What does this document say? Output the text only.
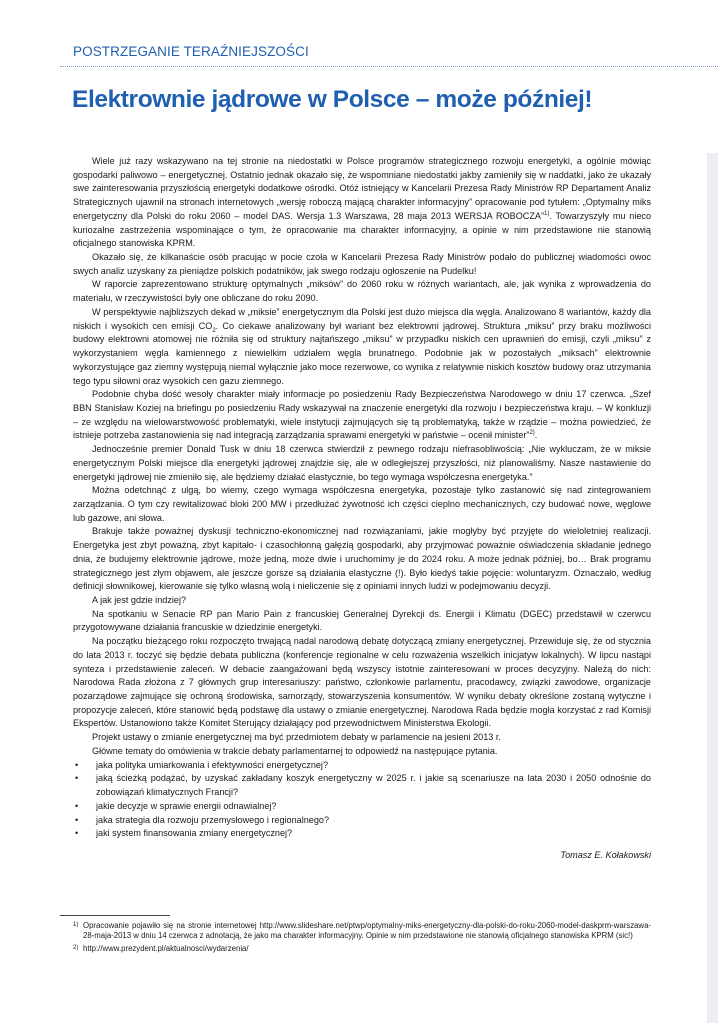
POSTRZEGANIE TERAŹNIEJSZOŚCI
Elektrownie jądrowe w Polsce – może później!

Wiele już razy wskazywano na tej stronie na niedostatki w Polsce programów strategicznego rozwoju energetyki, a ogólnie mówiąc gospodarki paliwowo – energetycznej. Ostatnio jednak okazało się, że wspomniane niedostatki jakby zamieniły się w naddatki, jako że ukazały swe zainteresowania przyszłością energetyki dodatkowe ośrodki. Otóż istniejący w Kancelarii Prezesa Rady Ministrów RP Departament Analiz Strategicznych ujawnił na stronach internetowych „wersję roboczą mającą charakter informacyjny” opracowanie pod tytułem: „Optymalny miks energetyczny dla Polski do roku 2060 – model DAS. Wersja 1.3 Warszawa, 28 maja 2013 WERSJA ROBOCZA”$^{1)}$. Towarzyszyły mu nieco kuriozalne zastrzeżenia wspominające o tym, że opracowanie ma charakter informacyjny, a opinie w nim przedstawione nie stanowią oficjalnego stanowiska KPRM.

Okazało się, że kilkanaście osób pracując w pocie czoła w Kancelarii Prezesa Rady Ministrów podało do publicznej wiadomości owoc swych analiz uzyskany za pieniądze polskich podatników, jak swego rodzaju ogłoszenie na Pudelku!

W raporcie zaprezentowano strukturę optymalnych „miksów” do 2060 roku w różnych wariantach, ale, jak wynika z wprowadzenia do materiału, w rzeczywistości były one obliczane do roku 2090.

W perspektywie najbliższych dekad w „miksie” energetycznym dla Polski jest dużo miejsca dla węgla. Analizowano 8 wariantów, każdy dla niskich i wysokich cen emisji $CO_2$. Co ciekawe analizowany był wariant bez elektrowni jądrowej. Struktura „miksu” przy braku możliwości budowy elektrowni atomowej nie różniła się od struktury najtańszego „miksu” w przypadku niskich cen uprawnień do emisji, czyli „miksu” z wykorzystaniem węgla kamiennego z niewielkim udziałem węgla brunatnego. Podobnie jak w pozostałych „miksach” elektrownie wykorzystujące gaz ziemny występują niemal wyłącznie jako moce rezerwowe, co wynika z relatywnie niskich kosztów budowy oraz utrzymania tego typu siłowni oraz wysokich cen gazu ziemnego.

Podobnie chyba dość wesoły charakter miały informacje po posiedzeniu Rady Bezpieczeństwa Narodowego w dniu 17 czerwca. „Szef BBN Stanisław Koziej na briefingu po posiedzeniu Rady wskazywał na znaczenie energetyki dla rozwoju i bezpieczeństwa kraju. – W konkluzji – ze względu na wielowarstwowość problematyki, wiele instytucji zajmujących się tą problematyką, także w rządzie – można powiedzieć, że istnieje potrzeba zastanowienia się nad integracją zarządzania sprawami energetyki w państwie – ocenił minister”$^{2)}$.

Jednocześnie premier Donald Tusk w dniu 18 czerwca stwierdził z pewnego rodzaju niefrasobliwością: „Nie wykluczam, że w miksie energetycznym Polski miejsce dla energetyki jądrowej znajdzie się, ale w odległejszej przyszłości, niż planowaliśmy. Nasze nastawienie do energetyki jądrowej nie zmieniło się, ale będziemy działać elastycznie, bo tego wymaga współczesna energetyka.”

Można odetchnąć z ulgą, bo wiemy, czego wymaga współczesna energetyka, pozostaje tylko zastanowić się nad zintegrowaniem zarządzania. O tym czy rewitalizować bloki 200 MW i przedłużać żywotność ich części cieplno mechanicznych, czy budować nowe, węglowe lub gazowe, ani słowa.

Brakuje także poważnej dyskusji techniczno-ekonomicznej nad rozwiązaniami, jakie mogłyby być przyjęte do wieloletniej realizacji. Energetyka jest zbyt poważną, zbyt kapitało- i czasochłonną gałęzią gospodarki, aby przyjmować poważnie oświadczenia składanie jednego dnia, że budujemy elektrownie jądrowe, może jedną, może dwie i uruchomimy je do 2024 roku. A może jednak później, bo… Brak programu strategicznego jest złym objawem, ale jeszcze gorsze są działania elastyczne (!). Było kiedyś takie pojęcie: woluntaryzm. Oznaczało, według definicji słownikowej, kierowanie się tylko własną wolą i nieliczenie się z opiniami innych ludzi w podejmowaniu decyzji.

A jak jest gdzie indziej?

Na spotkaniu w Senacie RP pan Mario Pain z francuskiej Generalnej Dyrekcji ds. Energii i Klimatu (DGEC) przedstawił w czerwcu przygotowywane działania francuskie w dziedzinie energetyki.

Na początku bieżącego roku rozpoczęto trwającą nadal narodową debatę dotyczącą zmiany energetycznej. Przewiduje się, że od stycznia do lata 2013 r. toczyć się będzie debata publiczna (konferencje regionalne w celu rozważenia wszelkich inicjatyw lokalnych). W lipcu nastąpi synteza i przedstawienie zaleceń. W debacie zaangażowani będą wszyscy istotnie zainteresowani w proces decyzyjny. Należą do nich: Narodowa Rada złożona z 7 głównych grup interesariuszy: państwo, członkowie parlamentu, pracodawcy, związki zawodowe, organizacje pozarządowe zajmujące się ochroną środowiska, samorządy, stowarzyszenia konsumentów. W wyniku debaty określone zostaną wytyczne i propozycje zaleceń, które stanowić będą podstawę dla ustawy o zmianie energetycznej. Narodowa Rada będzie mogła korzystać z rad Komisji Ekspertów. Ustanowiono także Komitet Sterujący działający pod przewodnictwem Ministerstwa Ekologii.

Projekt ustawy o zmianie energetycznej ma być przedmiotem debaty w parlamencie na jesieni 2013 r.

Główne tematy do omówienia w trakcie debaty parlamentarnej to odpowiedź na następujące pytania.

• jaka polityka umiarkowania i efektywności energetycznej?
• jaką ścieżką podążać, by uzyskać zakładany koszyk energetyczny w 2025 r. i jakie są scenariusze na lata 2030 i 2050 odnośnie do zobowiązań klimatycznych Francji?
• jakie decyzje w sprawie energii odnawialnej?
• jaka strategia dla rozwoju przemysłowego i regionalnego?
• jaki system finansowania zmiany energetycznej?
Tomasz E. Kołakowski
1) Opracowanie pojawiło się na stronie internetowej http://www.slideshare.net/ptwp/optymalny-miks-energetyczny-dla-polski-do-roku-2060-model-daskprm-warszawa-28-maja-2013 w dniu 14 czerwca z adnotacją, że jako ma charakter informacyjny. Opinie w nim przedstawione nie stanowią oficjalnego stanowiska KPRM (sic!)
2) http://www.prezydent.pl/aktualnosci/wydarzenia/
